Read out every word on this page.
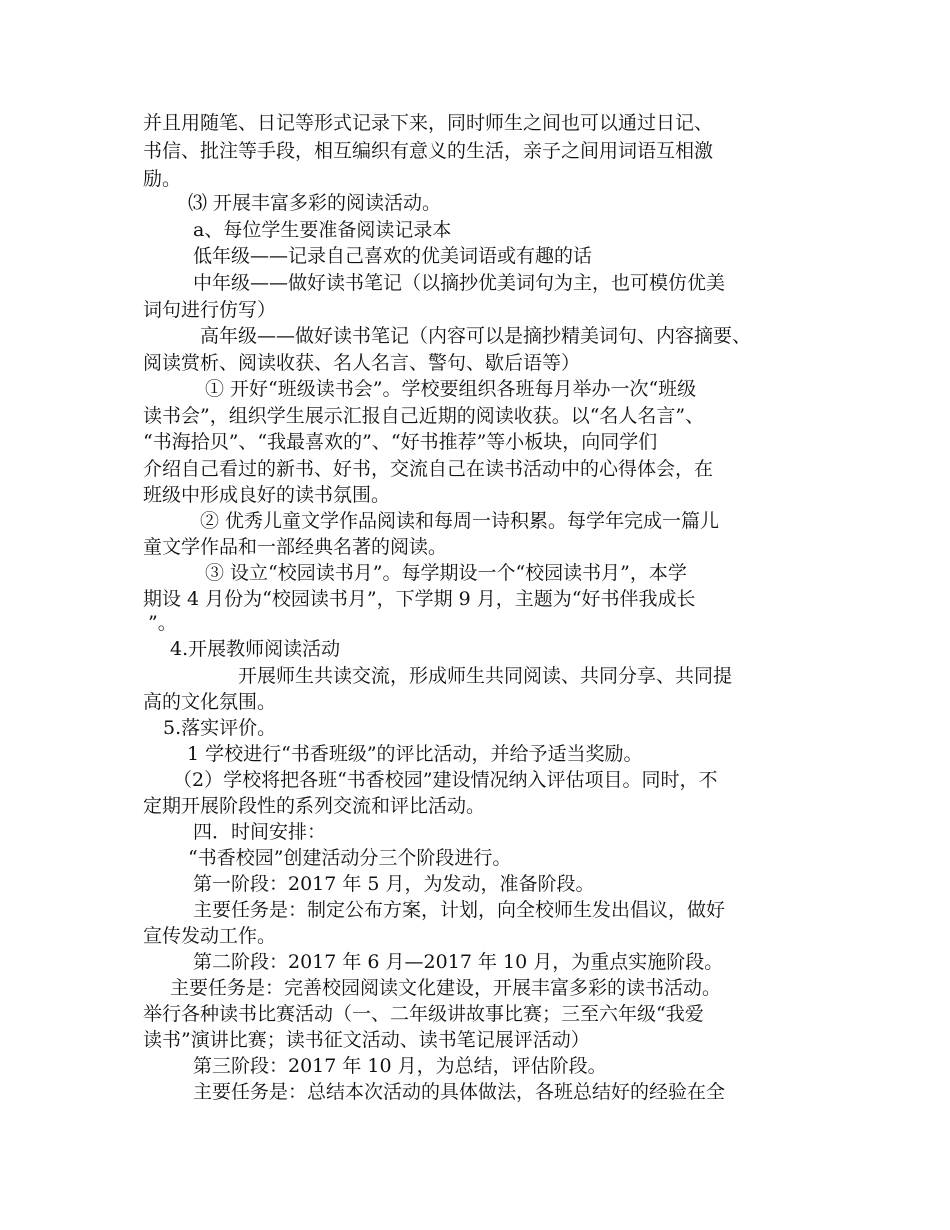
并且用随笔、日记等形式记录下来，同时师生之间也可以通过日记、

书信、批注等手段，相互编织有意义的生活，亲子之间用词语互相激

励。

⑶ 开展丰富多彩的阅读活动。

a、每位学生要准备阅读记录本

低年级——记录自己喜欢的优美词语或有趣的话

中年级——做好读书笔记（以摘抄优美词句为主，也可模仿优美

词句进行仿写）

高年级——做好读书笔记（内容可以是摘抄精美词句、内容摘要、

阅读赏析、阅读收获、名人名言、警句、歇后语等）

① 开好“班级读书会”。学校要组织各班每月举办一次“班级

读书会”，组织学生展示汇报自己近期的阅读收获。以“名人名言”、

“书海拾贝”、“我最喜欢的”、“好书推荐”等小板块，向同学们

介绍自己看过的新书、好书，交流自己在读书活动中的心得体会，在

班级中形成良好的读书氛围。

② 优秀儿童文学作品阅读和每周一诗积累。每学年完成一篇儿

童文学作品和一部经典名著的阅读。

③ 设立“校园读书月”。每学期设一个“校园读书月”，本学

期设 4 月份为“校园读书月”，下学期 9 月，主题为“好书伴我成长

”。

4.开展教师阅读活动

开展师生共读交流，形成师生共同阅读、共同分享、共同提

高的文化氛围。

5.落实评价。

1 学校进行“书香班级”的评比活动，并给予适当奖励。

（2）学校将把各班“书香校园”建设情况纳入评估项目。同时，不

定期开展阶段性的系列交流和评比活动。

四．时间安排：

“书香校园”创建活动分三个阶段进行。

第一阶段：2017 年 5 月，为发动，准备阶段。

主要任务是：制定公布方案，计划，向全校师生发出倡议，做好

宣传发动工作。

第二阶段：2017 年 6 月—2017 年 10 月，为重点实施阶段。

主要任务是：完善校园阅读文化建设，开展丰富多彩的读书活动。

举行各种读书比赛活动（一、二年级讲故事比赛；三至六年级“我爱

读书”演讲比赛；读书征文活动、读书笔记展评活动）

第三阶段：2017 年 10 月，为总结，评估阶段。

主要任务是：总结本次活动的具体做法，各班总结好的经验在全
